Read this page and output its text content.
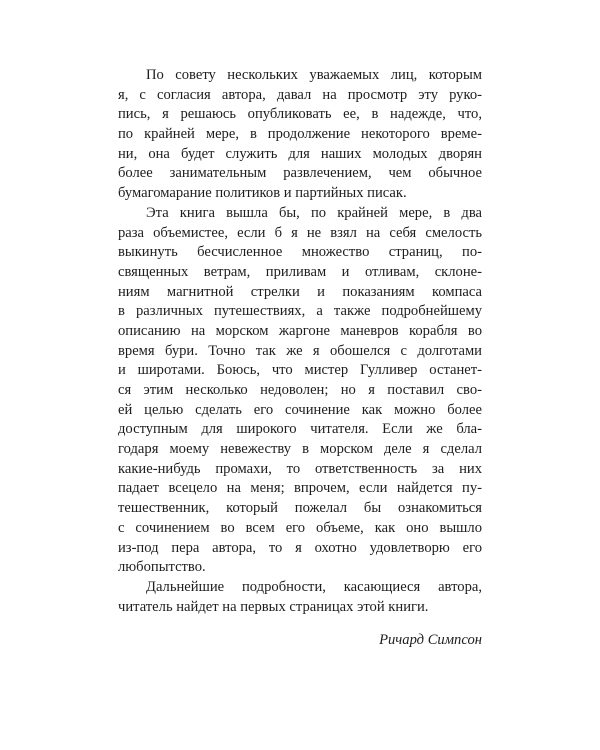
По совету нескольких уважаемых лиц, которым
я, с согласия автора, давал на просмотр эту руко-
пись, я решаюсь опубликовать ее, в надежде, что,
по крайней мере, в продолжение некоторого време-
ни, она будет служить для наших молодых дворян
более занимательным развлечением, чем обычное
бумагомарание политиков и партийных писак.
Эта книга вышла бы, по крайней мере, в два
раза объемистее, если б я не взял на себя смелость
выкинуть бесчисленное множество страниц, по-
священных ветрам, приливам и отливам, склоне-
ниям магнитной стрелки и показаниям компаса
в различных путешествиях, а также подробнейшему
описанию на морском жаргоне маневров корабля во
время бури. Точно так же я обошелся с долготами
и широтами. Боюсь, что мистер Гулливер останет-
ся этим несколько недоволен; но я поставил сво-
ей целью сделать его сочинение как можно более
доступным для широкого читателя. Если же бла-
годаря моему невежеству в морском деле я сделал
какие-нибудь промахи, то ответственность за них
падает всецело на меня; впрочем, если найдется пу-
тешественник, который пожелал бы ознакомиться
с сочинением во всем его объеме, как оно вышло
из-под пера автора, то я охотно удовлетворю его
любопытство.
Дальнейшие подробности, касающиеся автора,
читатель найдет на первых страницах этой книги.
Ричард Симпсон
